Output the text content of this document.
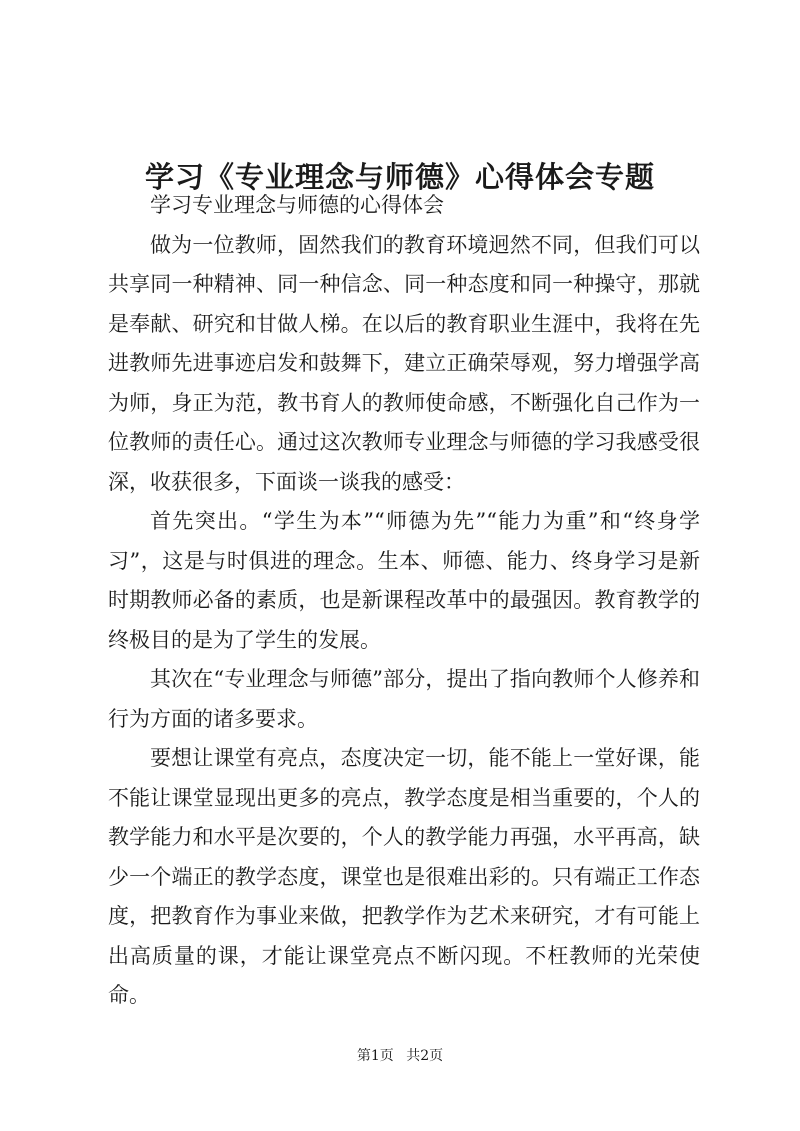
学习《专业理念与师德》心得体会专题

学习专业理念与师德的心得体会

做为一位教师，固然我们的教育环境迥然不同，但我们可以共享同一种精神、同一种信念、同一种态度和同一种操守，那就是奉献、研究和甘做人梯。在以后的教育职业生涯中，我将在先进教师先进事迹启发和鼓舞下，建立正确荣辱观，努力增强学高为师，身正为范，教书育人的教师使命感，不断强化自己作为一位教师的责任心。通过这次教师专业理念与师德的学习我感受很深，收获很多，下面谈一谈我的感受：

首先突出。“学生为本”“师德为先”“能力为重”和“终身学习”，这是与时俱进的理念。生本、师德、能力、终身学习是新时期教师必备的素质，也是新课程改革中的最强因。教育教学的终极目的是为了学生的发展。

其次在“专业理念与师德”部分，提出了指向教师个人修养和行为方面的诸多要求。

要想让课堂有亮点，态度决定一切，能不能上一堂好课，能不能让课堂显现出更多的亮点，教学态度是相当重要的，个人的教学能力和水平是次要的，个人的教学能力再强，水平再高，缺少一个端正的教学态度，课堂也是很难出彩的。只有端正工作态度，把教育作为事业来做，把教学作为艺术来研究，才有可能上出高质量的课，才能让课堂亮点不断闪现。不枉教师的光荣使命。

第1页 共2页
